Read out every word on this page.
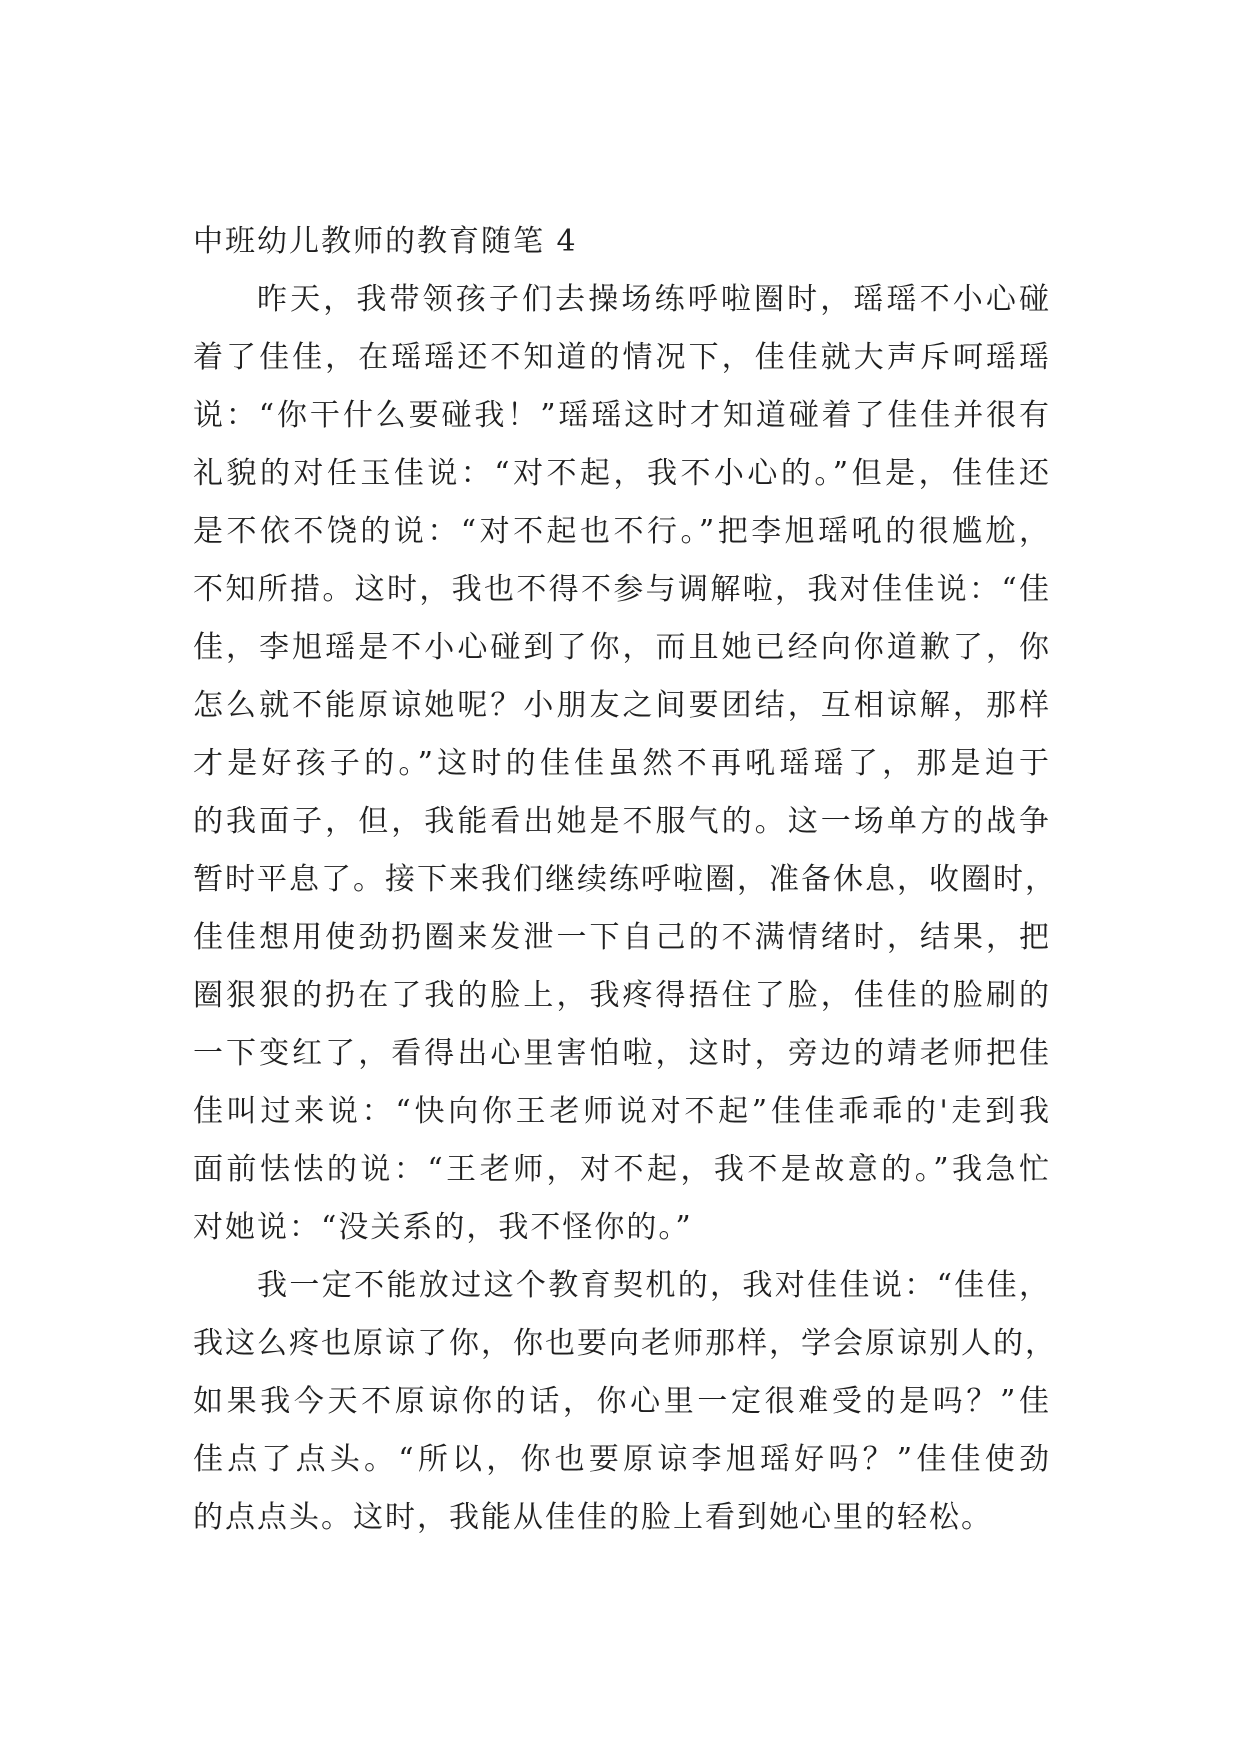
中班幼儿教师的教育随笔 4

昨天，我带领孩子们去操场练呼啦圈时，瑶瑶不小心碰
着了佳佳，在瑶瑶还不知道的情况下，佳佳就大声斥呵瑶瑶
说：“你干什么要碰我！”瑶瑶这时才知道碰着了佳佳并很有
礼貌的对任玉佳说：“对不起，我不小心的。”但是，佳佳还
是不依不饶的说：“对不起也不行。”把李旭瑶吼的很尴尬，
不知所措。这时，我也不得不参与调解啦，我对佳佳说：“佳
佳，李旭瑶是不小心碰到了你，而且她已经向你道歉了，你
怎么就不能原谅她呢？小朋友之间要团结，互相谅解，那样
才是好孩子的。”这时的佳佳虽然不再吼瑶瑶了，那是迫于
的我面子，但，我能看出她是不服气的。这一场单方的战争
暂时平息了。接下来我们继续练呼啦圈，准备休息，收圈时，
佳佳想用使劲扔圈来发泄一下自己的不满情绪时，结果，把
圈狠狠的扔在了我的脸上，我疼得捂住了脸，佳佳的脸刷的
一下变红了，看得出心里害怕啦，这时，旁边的靖老师把佳
佳叫过来说：“快向你王老师说对不起”佳佳乖乖的'走到我
面前怯怯的说：“王老师，对不起，我不是故意的。”我急忙
对她说：“没关系的，我不怪你的。”

我一定不能放过这个教育契机的，我对佳佳说：“佳佳，
我这么疼也原谅了你，你也要向老师那样，学会原谅别人的，
如果我今天不原谅你的话，你心里一定很难受的是吗？”佳
佳点了点头。“所以，你也要原谅李旭瑶好吗？”佳佳使劲
的点点头。这时，我能从佳佳的脸上看到她心里的轻松。
